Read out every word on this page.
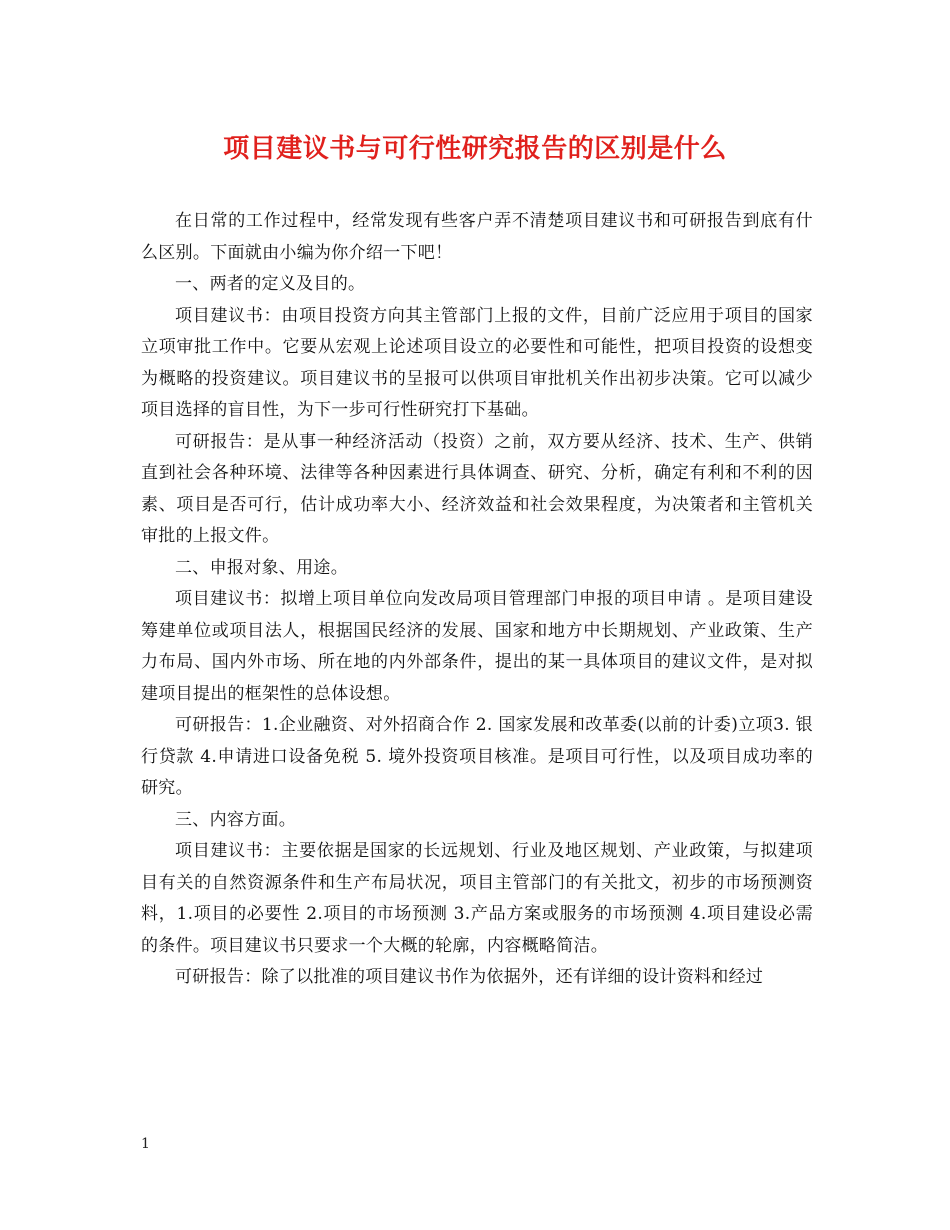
项目建议书与可行性研究报告的区别是什么

在日常的工作过程中，经常发现有些客户弄不清楚项目建议书和可研报告到底有什么区别。下面就由小编为你介绍一下吧！

一、两者的定义及目的。

项目建议书：由项目投资方向其主管部门上报的文件，目前广泛应用于项目的国家立项审批工作中。它要从宏观上论述项目设立的必要性和可能性，把项目投资的设想变为概略的投资建议。项目建议书的呈报可以供项目审批机关作出初步决策。它可以减少项目选择的盲目性，为下一步可行性研究打下基础。

可研报告：是从事一种经济活动（投资）之前，双方要从经济、技术、生产、供销直到社会各种环境、法律等各种因素进行具体调查、研究、分析，确定有利和不利的因素、项目是否可行，估计成功率大小、经济效益和社会效果程度，为决策者和主管机关审批的上报文件。

二、申报对象、用途。

项目建议书：拟增上项目单位向发改局项目管理部门申报的项目申请 。是项目建设筹建单位或项目法人，根据国民经济的发展、国家和地方中长期规划、产业政策、生产力布局、国内外市场、所在地的内外部条件，提出的某一具体项目的建议文件，是对拟建项目提出的框架性的总体设想。

可研报告：1.企业融资、对外招商合作 2. 国家发展和改革委(以前的计委)立项3. 银行贷款 4.申请进口设备免税 5. 境外投资项目核准。是项目可行性，以及项目成功率的研究。

三、内容方面。

项目建议书：主要依据是国家的长远规划、行业及地区规划、产业政策，与拟建项目有关的自然资源条件和生产布局状况，项目主管部门的有关批文，初步的市场预测资料，1.项目的必要性 2.项目的市场预测 3.产品方案或服务的市场预测 4.项目建设必需的条件。项目建议书只要求一个大概的轮廓，内容概略简洁。

可研报告：除了以批准的项目建议书作为依据外，还有详细的设计资料和经过

1
